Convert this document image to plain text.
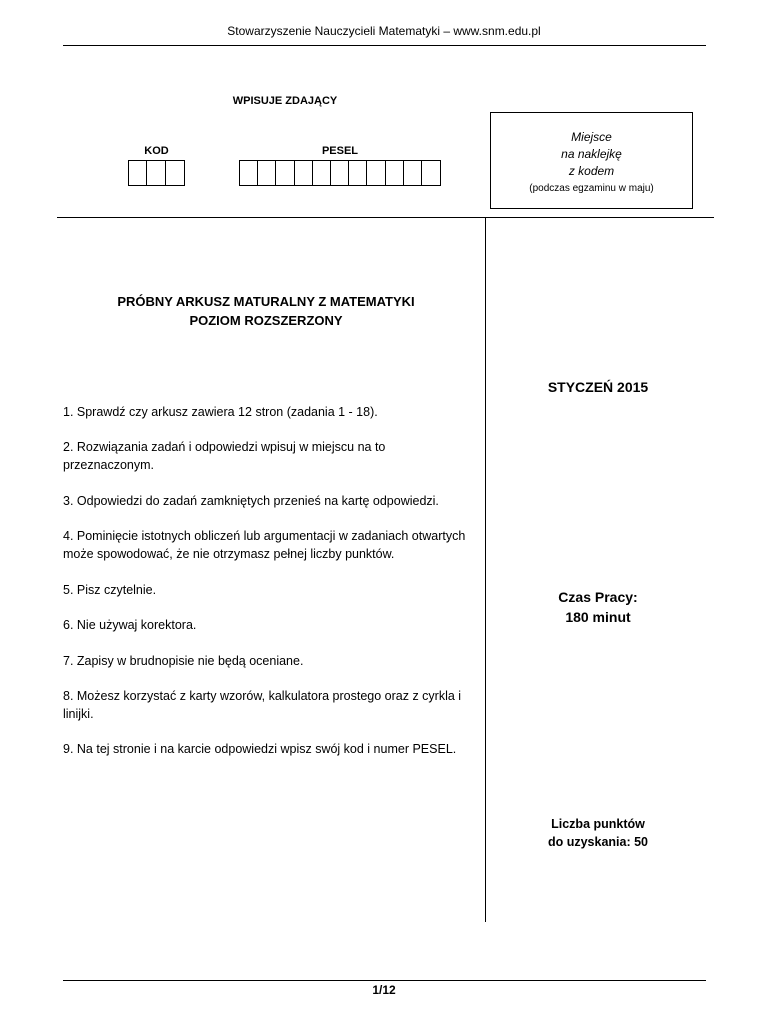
Stowarzyszenie Nauczycieli Matematyki – www.snm.edu.pl
WPISUJE ZDAJĄCY
KOD	PESEL
Miejsce
na naklejkę
z kodem
(podczas egzaminu w maju)
PRÓBNY ARKUSZ MATURALNY Z MATEMATYKI
POZIOM ROZSZERZONY
1. Sprawdź czy arkusz zawiera 12 stron (zadania 1 - 18).
2. Rozwiązania zadań i odpowiedzi wpisuj w miejscu na to przeznaczonym.
3. Odpowiedzi do zadań zamkniętych przenieś na kartę odpowiedzi.
4. Pominięcie istotnych obliczeń lub argumentacji w zadaniach otwartych może spowodować, że nie otrzymasz pełnej liczby punktów.
5. Pisz czytelnie.
6. Nie używaj korektora.
7. Zapisy w brudnopisie nie będą oceniane.
8. Możesz korzystać z karty wzorów, kalkulatora prostego oraz z cyrkla i linijki.
9. Na tej stronie i na karcie odpowiedzi wpisz swój kod i numer PESEL.
STYCZEŃ 2015
Czas Pracy:
180 minut
Liczba punktów
do uzyskania: 50
1/12
